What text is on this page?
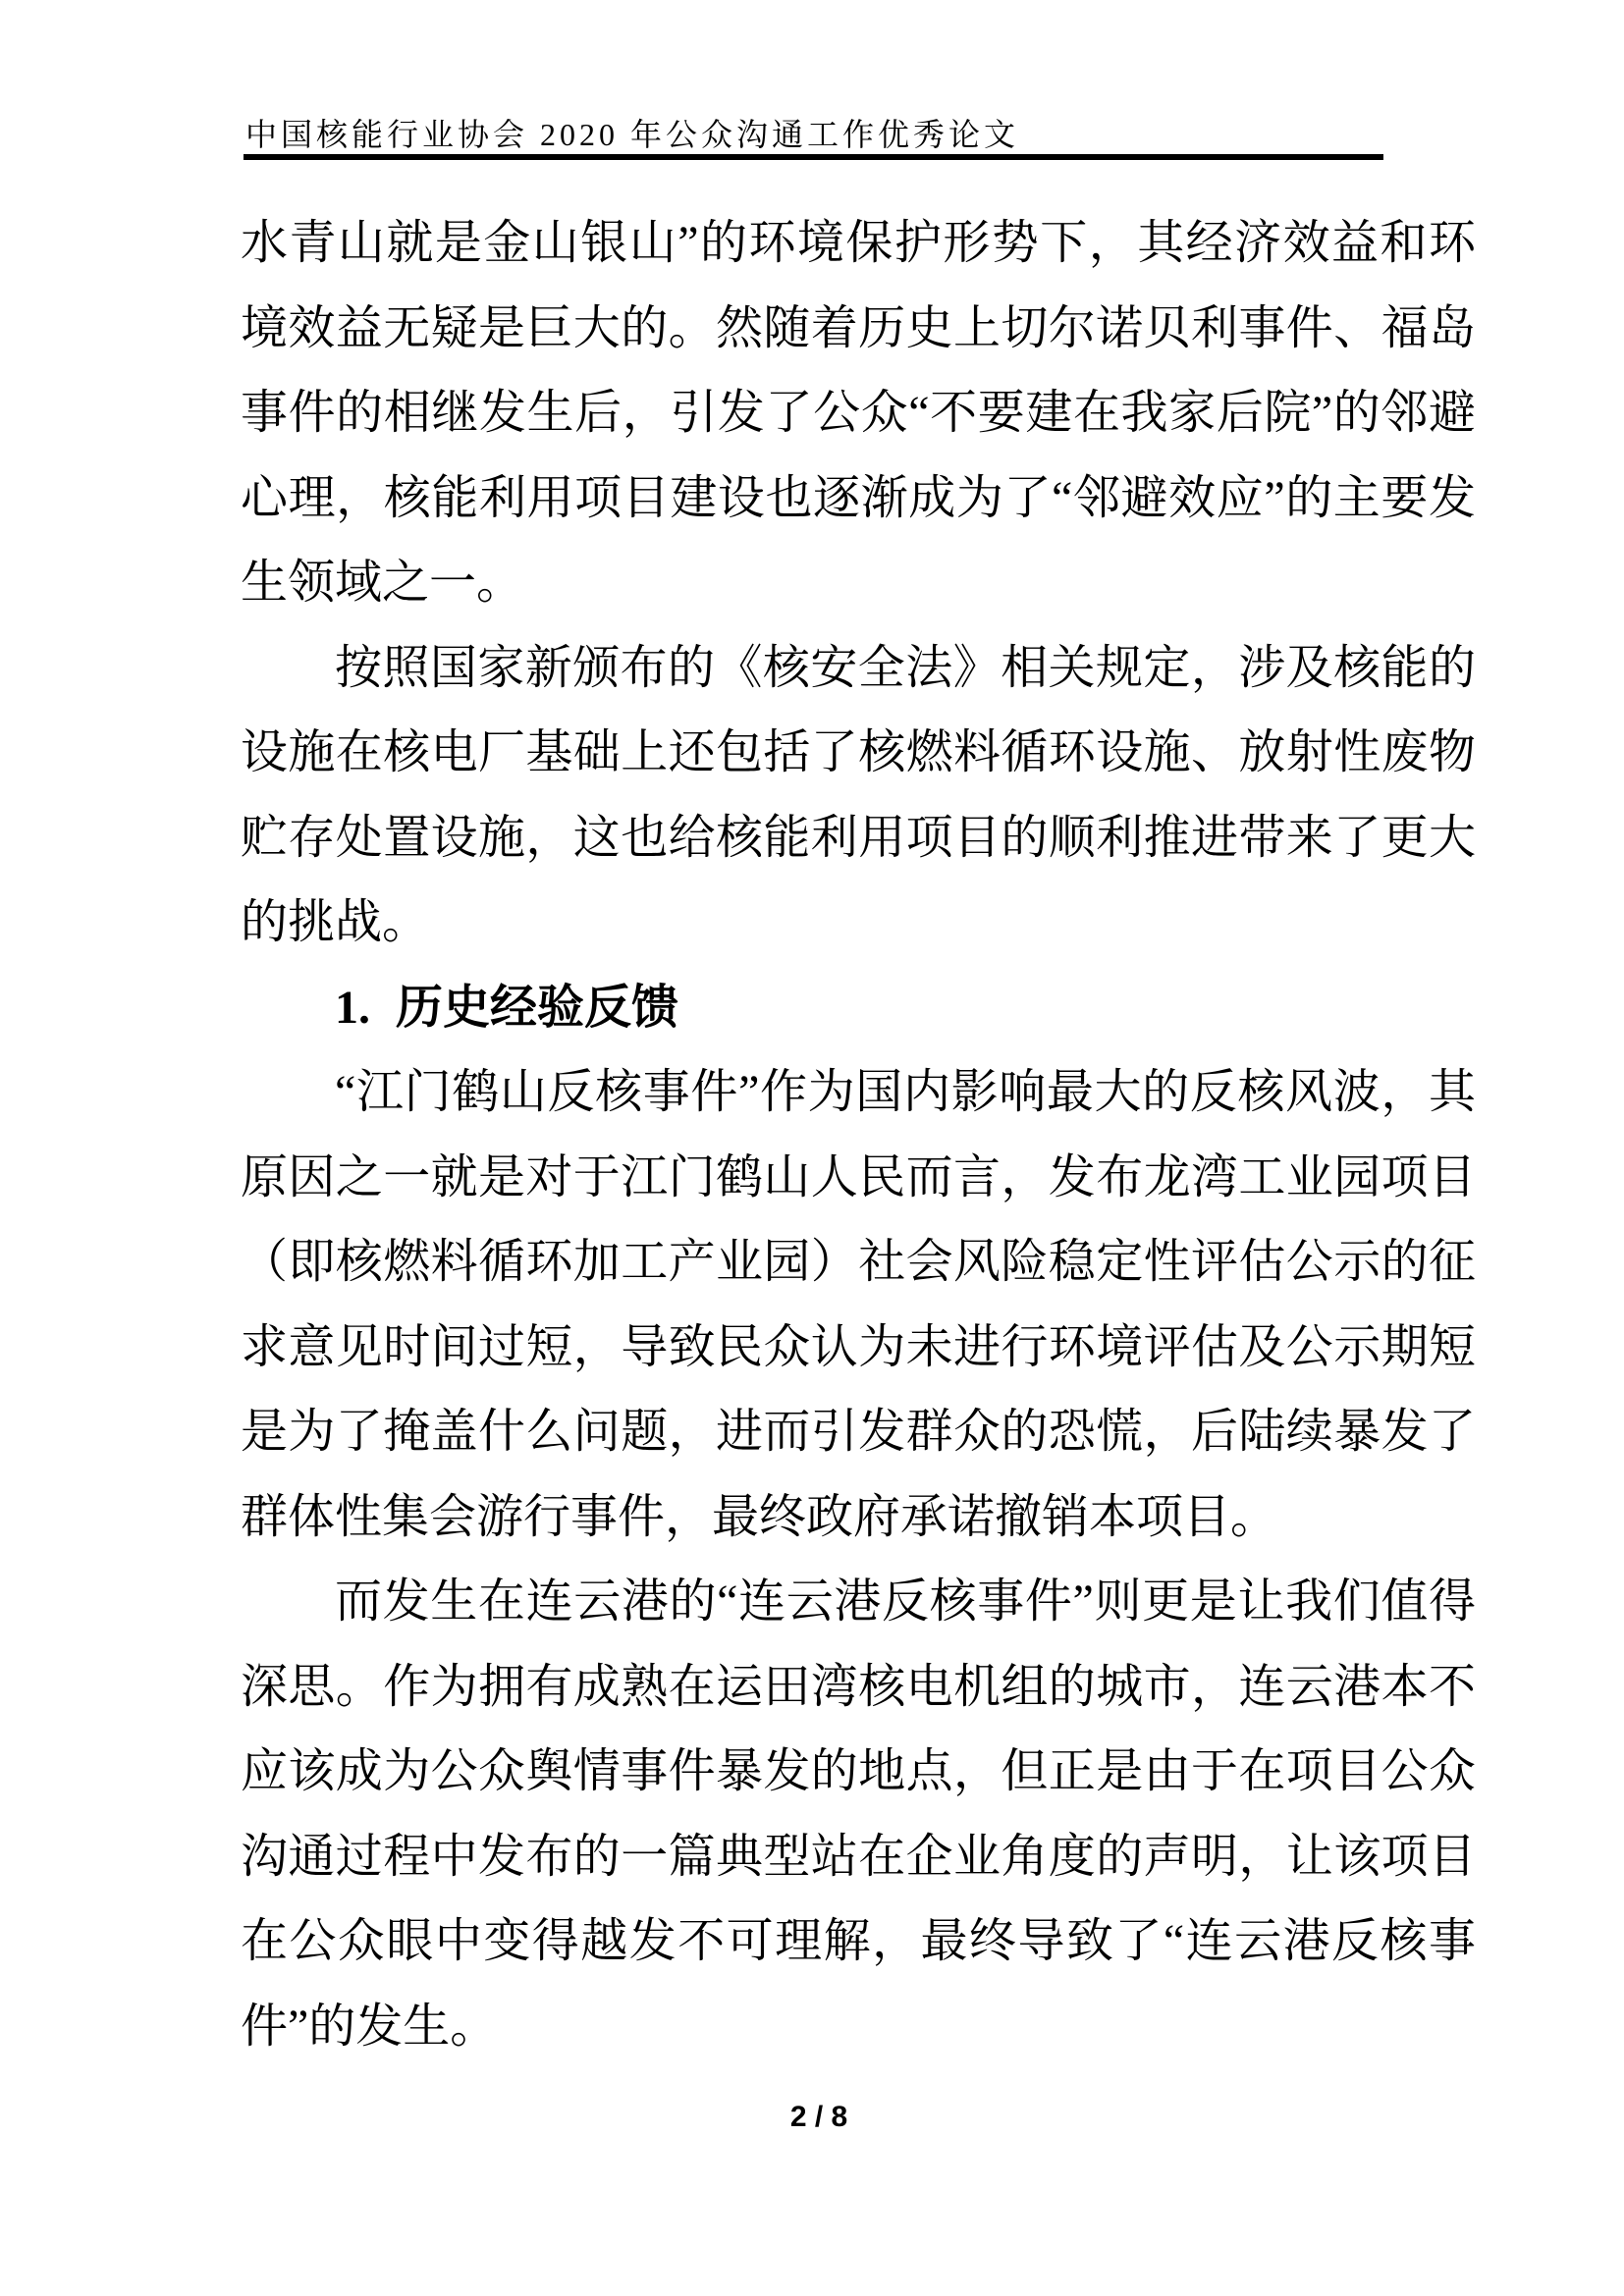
中国核能行业协会 2020 年公众沟通工作优秀论文

水青山就是金山银山”的环境保护形势下，其经济效益和环境效益无疑是巨大的。然随着历史上切尔诺贝利事件、福岛事件的相继发生后，引发了公众“不要建在我家后院”的邻避心理，核能利用项目建设也逐渐成为了“邻避效应”的主要发生领域之一。

按照国家新颁布的《核安全法》相关规定，涉及核能的设施在核电厂基础上还包括了核燃料循环设施、放射性废物贮存处置设施，这也给核能利用项目的顺利推进带来了更大的挑战。

1. 历史经验反馈

“江门鹤山反核事件”作为国内影响最大的反核风波，其原因之一就是对于江门鹤山人民而言，发布龙湾工业园项目（即核燃料循环加工产业园）社会风险稳定性评估公示的征求意见时间过短，导致民众认为未进行环境评估及公示期短是为了掩盖什么问题，进而引发群众的恐慌，后陆续暴发了群体性集会游行事件，最终政府承诺撤销本项目。

而发生在连云港的“连云港反核事件”则更是让我们值得深思。作为拥有成熟在运田湾核电机组的城市，连云港本不应该成为公众舆情事件暴发的地点，但正是由于在项目公众沟通过程中发布的一篇典型站在企业角度的声明，让该项目在公众眼中变得越发不可理解，最终导致了“连云港反核事件”的发生。

2 / 8
